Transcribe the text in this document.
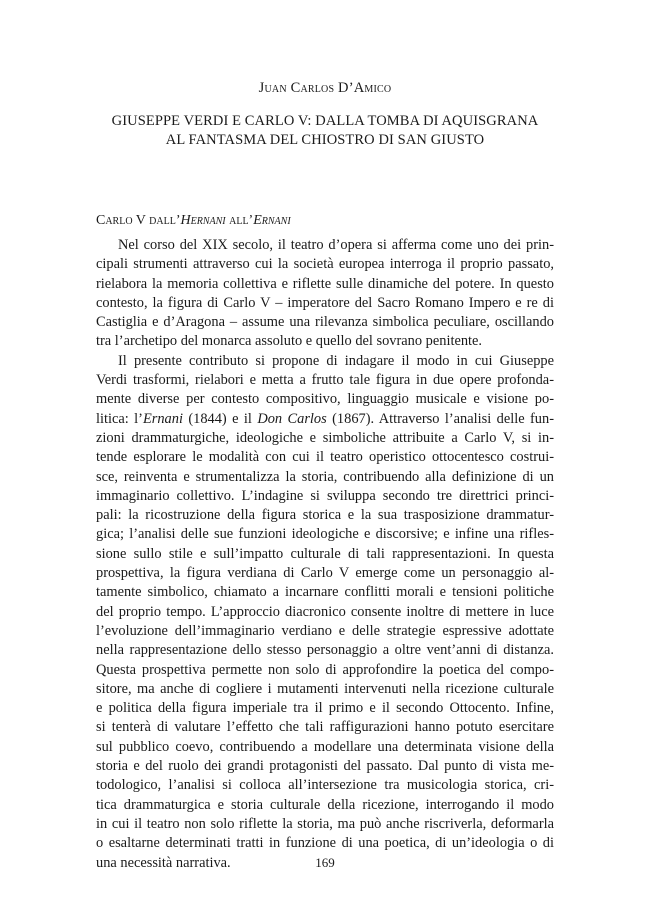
Juan Carlos D’Amico
GIUSEPPE VERDI E CARLO V: DALLA TOMBA DI AQUISGRANA
AL FANTASMA DEL CHIOSTRO DI SAN GIUSTO
Carlo V dall’Hernani all’Ernani
Nel corso del XIX secolo, il teatro d’opera si afferma come uno dei prin-
cipali strumenti attraverso cui la società europea interroga il proprio passato,
rielabora la memoria collettiva e riflette sulle dinamiche del potere. In questo
contesto, la figura di Carlo V – imperatore del Sacro Romano Impero e re di
Castiglia e d’Aragona – assume una rilevanza simbolica peculiare, oscillando
tra l’archetipo del monarca assoluto e quello del sovrano penitente.
Il presente contributo si propone di indagare il modo in cui Giuseppe
Verdi trasformi, rielabori e metta a frutto tale figura in due opere profonda-
mente diverse per contesto compositivo, linguaggio musicale e visione po-
litica: l’Ernani (1844) e il Don Carlos (1867). Attraverso l’analisi delle fun-
zioni drammaturgiche, ideologiche e simboliche attribuite a Carlo V, si in-
tende esplorare le modalità con cui il teatro operistico ottocentesco costrui-
sce, reinventa e strumentalizza la storia, contribuendo alla definizione di un
immaginario collettivo. L’indagine si sviluppa secondo tre direttrici princi-
pali: la ricostruzione della figura storica e la sua trasposizione drammatur-
gica; l’analisi delle sue funzioni ideologiche e discorsive; e infine una rifles-
sione sullo stile e sull’impatto culturale di tali rappresentazioni. In questa
prospettiva, la figura verdiana di Carlo V emerge come un personaggio al-
tamente simbolico, chiamato a incarnare conflitti morali e tensioni politiche
del proprio tempo. L’approccio diacronico consente inoltre di mettere in luce
l’evoluzione dell’immaginario verdiano e delle strategie espressive adottate
nella rappresentazione dello stesso personaggio a oltre vent’anni di distanza.
Questa prospettiva permette non solo di approfondire la poetica del compo-
sitore, ma anche di cogliere i mutamenti intervenuti nella ricezione culturale
e politica della figura imperiale tra il primo e il secondo Ottocento. Infine,
si tenterà di valutare l’effetto che tali raffigurazioni hanno potuto esercitare
sul pubblico coevo, contribuendo a modellare una determinata visione della
storia e del ruolo dei grandi protagonisti del passato. Dal punto di vista me-
todologico, l’analisi si colloca all’intersezione tra musicologia storica, cri-
tica drammaturgica e storia culturale della ricezione, interrogando il modo
in cui il teatro non solo riflette la storia, ma può anche riscriverla, deformarla
o esaltarne determinati tratti in funzione di una poetica, di un’ideologia o di
una necessità narrativa.	169
